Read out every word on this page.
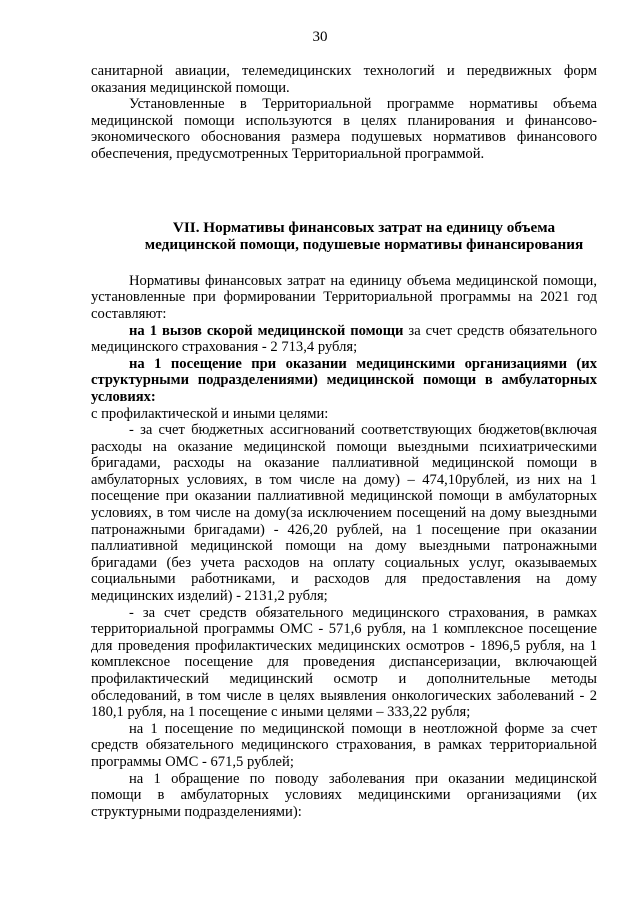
30

санитарной авиации, телемедицинских технологий и передвижных форм оказания медицинской помощи.

Установленные в Территориальной программе нормативы объема медицинской помощи используются в целях планирования и финансово-экономического обоснования размера подушевых нормативов финансового обеспечения, предусмотренных Территориальной программой.

VII. Нормативы финансовых затрат на единицу объема
медицинской помощи, подушевые нормативы финансирования

Нормативы финансовых затрат на единицу объема медицинской помощи, установленные при формировании Территориальной программы на 2021 год составляют:

на 1 вызов скорой медицинской помощи за счет средств обязательного медицинского страхования - 2 713,4 рубля;

на 1 посещение при оказании медицинскими организациями (их структурными подразделениями) медицинской помощи в амбулаторных условиях:

с профилактической и иными целями:

- за счет бюджетных ассигнований соответствующих бюджетов(включая расходы на оказание медицинской помощи выездными психиатрическими бригадами, расходы на оказание паллиативной медицинской помощи в амбулаторных условиях, в том числе на дому) – 474,10рублей, из них на 1 посещение при оказании паллиативной медицинской помощи в амбулаторных условиях, в том числе на дому(за исключением посещений на дому выездными патронажными бригадами) - 426,20 рублей, на 1 посещение при оказании паллиативной медицинской помощи на дому выездными патронажными бригадами (без учета расходов на оплату социальных услуг, оказываемых социальными работниками, и расходов для предоставления на дому медицинских изделий) - 2131,2 рубля;

- за счет средств обязательного медицинского страхования, в рамках территориальной программы ОМС - 571,6 рубля, на 1 комплексное посещение для проведения профилактических медицинских осмотров - 1896,5 рубля, на 1 комплексное посещение для проведения диспансеризации, включающей профилактический медицинский осмотр и дополнительные методы обследований, в том числе в целях выявления онкологических заболеваний - 2 180,1 рубля, на 1 посещение с иными целями – 333,22 рубля;

на 1 посещение по медицинской помощи в неотложной форме за счет средств обязательного медицинского страхования, в рамках территориальной программы ОМС - 671,5 рублей;

на 1 обращение по поводу заболевания при оказании медицинской помощи в амбулаторных условиях медицинскими организациями (их структурными подразделениями):
